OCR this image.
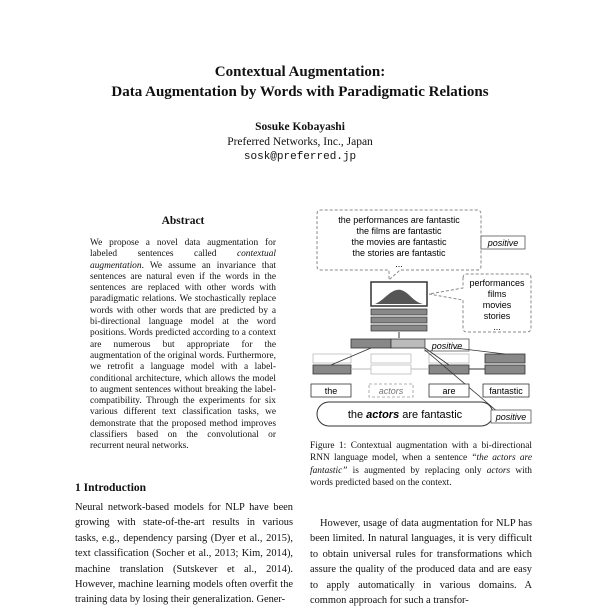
Contextual Augmentation:
Data Augmentation by Words with Paradigmatic Relations
Sosuke Kobayashi
Preferred Networks, Inc., Japan
sosk@preferred.jp
Abstract

We propose a novel data augmentation for labeled sentences called contextual augmentation. We assume an invariance that sentences are natural even if the words in the sentences are replaced with other words with paradigmatic relations. We stochastically replace words with other words that are predicted by a bi-directional language model at the word positions. Words predicted according to a context are numerous but appropriate for the augmentation of the original words. Furthermore, we retrofit a language model with a label-conditional architecture, which allows the model to augment sentences without breaking the label-compatibility. Through the experiments for six various different text classification tasks, we demonstrate that the proposed method improves classifiers based on the convolutional or recurrent neural networks.

1 Introduction

Neural network-based models for NLP have been growing with state-of-the-art results in various tasks, e.g., dependency parsing (Dyer et al., 2015), text classification (Socher et al., 2013; Kim, 2014), machine translation (Sutskever et al., 2014). However, machine learning models often overfit the training data by losing their generalization. Gener-

the performances are fantastic
the films are fantastic
the movies are fantastic
the stories are fantastic
...
positive
performances
films
movies
stories
...
positive
the	actors	are	fantastic
the actors are fantastic	positive

Figure 1: Contextual augmentation with a bi-directional RNN language model, when a sentence “the actors are fantastic” is augmented by replacing only actors with words predicted based on the context.

However, usage of data augmentation for NLP has been limited. In natural languages, it is very difficult to obtain universal rules for transformations which assure the quality of the produced data and are easy to apply automatically in various domains. A common approach for such a transfor-
